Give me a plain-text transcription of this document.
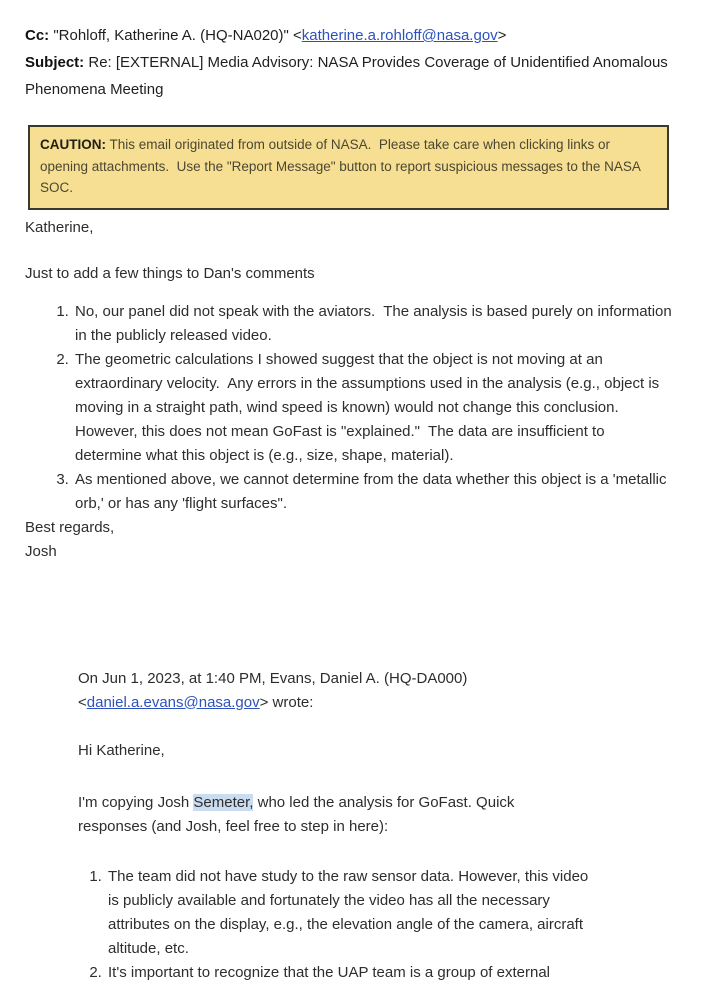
Cc: "Rohloff, Katherine A. (HQ-NA020)" <katherine.a.rohloff@nasa.gov>
Subject: Re: [EXTERNAL] Media Advisory: NASA Provides Coverage of Unidentified Anomalous Phenomena Meeting
CAUTION: This email originated from outside of NASA.  Please take care when clicking links or opening attachments.  Use the "Report Message" button to report suspicious messages to the NASA SOC.

Katherine,

Just to add a few things to Dan's comments

1. No, our panel did not speak with the aviators.  The analysis is based purely on information in the publicly released video.
2. The geometric calculations I showed suggest that the object is not moving at an extraordinary velocity.  Any errors in the assumptions used in the analysis (e.g., object is moving in a straight path, wind speed is known) would not change this conclusion.  However, this does not mean GoFast is "explained."  The data are insufficient to determine what this object is (e.g., size, shape, material).
3. As mentioned above, we cannot determine from the data whether this object is a 'metallic orb,' or has any 'flight surfaces".

Best regards,

Josh

On Jun 1, 2023, at 1:40 PM, Evans, Daniel A. (HQ-DA000)

<daniel.a.evans@nasa.gov> wrote:

Hi Katherine,

I'm copying Josh Semeter, who led the analysis for GoFast. Quick responses (and Josh, feel free to step in here):

1. The team did not have study to the raw sensor data. However, this video is publicly available and fortunately the video has all the necessary attributes on the display, e.g., the elevation angle of the camera, aircraft altitude, etc.
2. It's important to recognize that the UAP team is a group of external
